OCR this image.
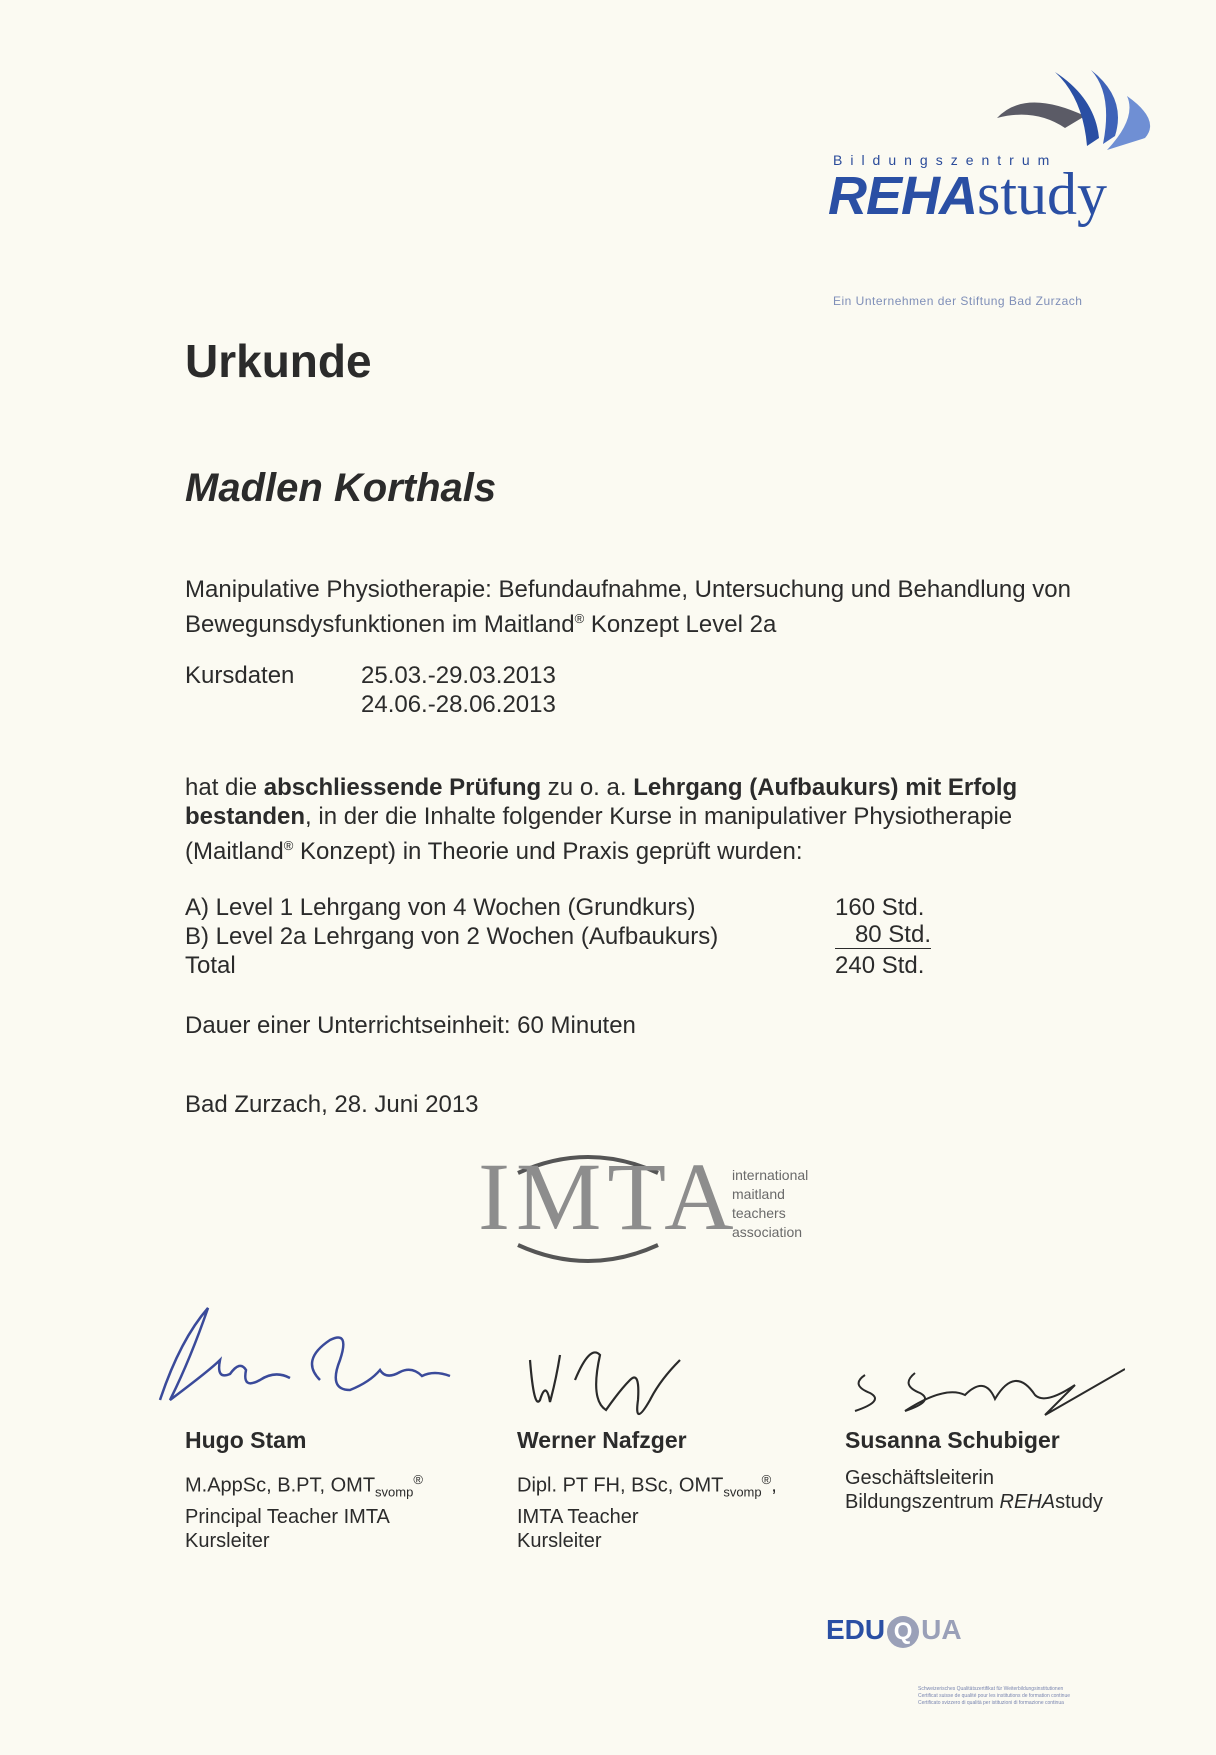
Bildungszentrum
REHAstudy
Ein Unternehmen der Stiftung Bad Zurzach
Urkunde
Madlen Korthals
Manipulative Physiotherapie: Befundaufnahme, Untersuchung und Behandlung von
Bewegunsdysfunktionen im Maitland® Konzept Level 2a
Kursdaten	25.03.-29.03.2013
24.06.-28.06.2013
hat die abschliessende Prüfung zu o. a. Lehrgang (Aufbaukurs) mit Erfolg
bestanden, in der die Inhalte folgender Kurse in manipulativer Physiotherapie
(Maitland® Konzept) in Theorie und Praxis geprüft wurden:
A) Level 1 Lehrgang von 4 Wochen (Grundkurs)	160 Std.
B) Level 2a Lehrgang von 2 Wochen (Aufbaukurs)	80 Std.
Total	240 Std.
Dauer einer Unterrichtseinheit: 60 Minuten
Bad Zurzach, 28. Juni 2013
IMTA
international
maitland
teachers
association
Hugo Stam
M.AppSc, B.PT, $OMT_{svomp}®$
Principal Teacher IMTA
Kursleiter
Werner Nafzger
Dipl. PT FH, BSc, $OMT_{svomp}®$,
IMTA Teacher
Kursleiter
Susanna Schubiger
Geschäftsleiterin
Bildungszentrum REHAstudy
EDU Q UA
Schweizerisches Qualitätszertifikat für Weiterbildungsinstitutionen
Certificat suisse de qualité pour les institutions de formation continue
Certificato svizzero di qualità per istituzioni di formazione continua
